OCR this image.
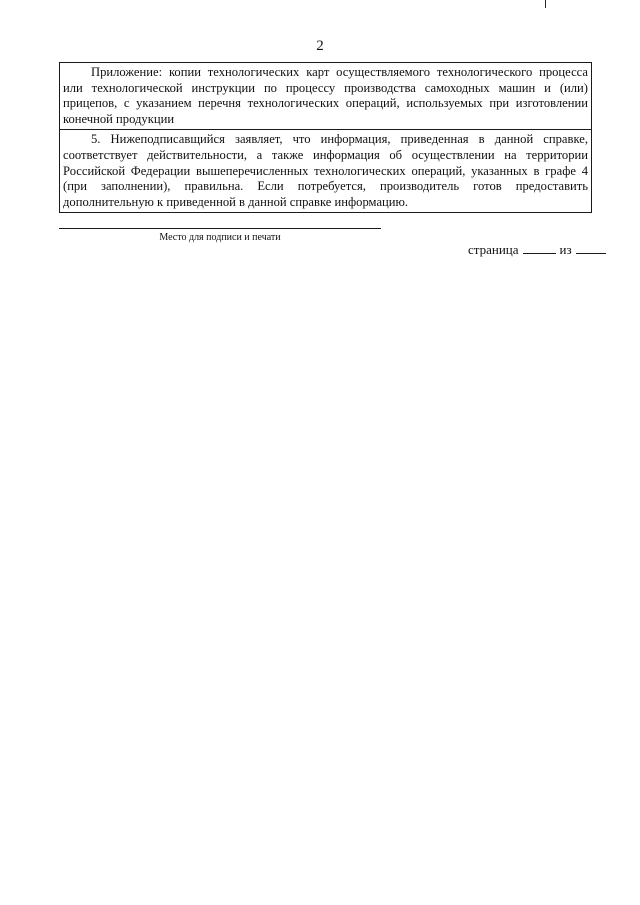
2
Приложение: копии технологических карт осуществляемого технологического процесса или технологической инструкции по процессу производства самоходных машин и (или) прицепов, с указанием перечня технологических операций, используемых при изготовлении конечной продукции
5. Нижеподписавщийся заявляет, что информация, приведенная в данной справке, соответствует действительности, а также информация об осуществлении на территории Российской Федерации вышеперечисленных технологических операций, указанных в графе 4 (при заполнении), правильна. Если потребуется, производитель готов предоставить дополнительную к приведенной в данной справке информацию.
Место для подписи и печати
страница	из
